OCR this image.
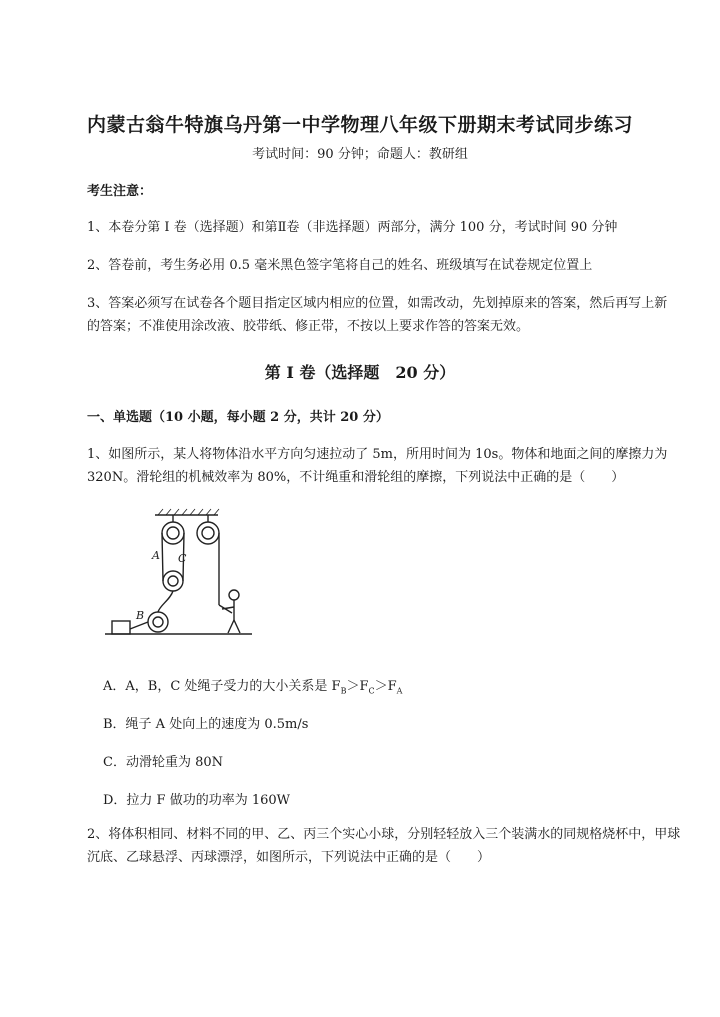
内蒙古翁牛特旗乌丹第一中学物理八年级下册期末考试同步练习
考试时间：90 分钟；命题人：教研组
考生注意：
1、本卷分第 I 卷（选择题）和第Ⅱ卷（非选择题）两部分，满分 100 分，考试时间 90 分钟
2、答卷前，考生务必用 0.5 毫米黑色签字笔将自己的姓名、班级填写在试卷规定位置上
3、答案必须写在试卷各个题目指定区域内相应的位置，如需改动，先划掉原来的答案，然后再写上新的答案；不准使用涂改液、胶带纸、修正带，不按以上要求作答的答案无效。
第 I 卷（选择题　20 分）
一、单选题（10 小题，每小题 2 分，共计 20 分）
1、如图所示，某人将物体沿水平方向匀速拉动了 5m，所用时间为 10s。物体和地面之间的摩擦力为 320N。滑轮组的机械效率为 80%，不计绳重和滑轮组的摩擦，下列说法中正确的是（　　）
A C
B
A．A，B，C 处绳子受力的大小关系是 $F_B>F_C>F_A$
B．绳子 A 处向上的速度为 0.5m/s
C．动滑轮重为 80N
D．拉力 F 做功的功率为 160W
2、将体积相同、材料不同的甲、乙、丙三个实心小球，分别轻轻放入三个装满水的同规格烧杯中，甲球沉底、乙球悬浮、丙球漂浮，如图所示，下列说法中正确的是（　　）
